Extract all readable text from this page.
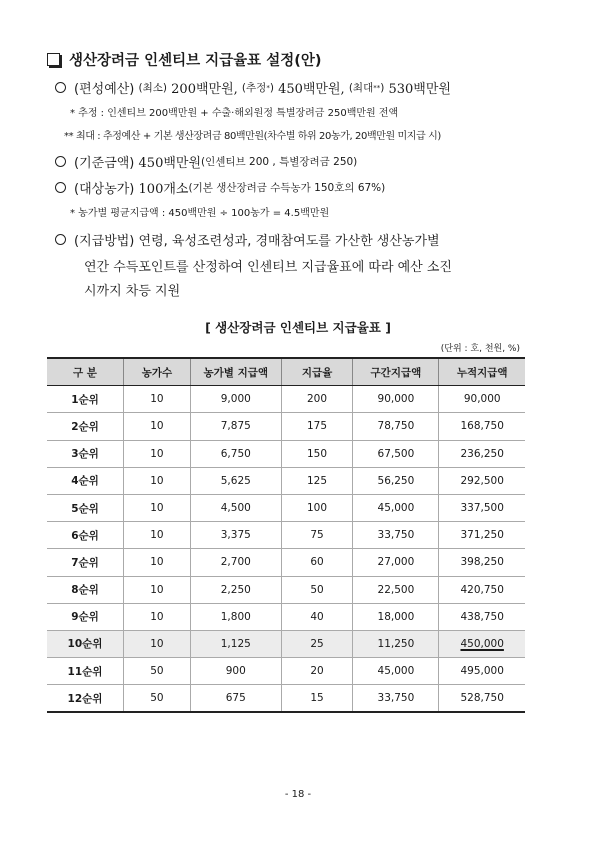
생산장려금 인센티브 지급율표 설정(안)
(편성예산)
(최소)
200백만원,
(추정 * )
450백만원,
(최대 ** )
530백만원
* 추정 : 인센티브 200백만원 + 수출·해외원정 특별장려금 250백만원 전액
** 최대 : 추정예산 + 기본 생산장려금 80백만원(차수별 하위 20농가, 20백만원 미지급 시)
(기준금액)
450백만원 (인센티브 200 , 특별장려금 250)
(대상농가)
100개소 (기본 생산장려금 수득농가 150호의 67%)
* 농가별 평균지급액 : 450백만원 ÷ 100농가 = 4.5백만원
(지급방법) 연령, 육성조련성과, 경매참여도를 가산한 생산농가별
연간 수득포인트를 산정하여 인센티브 지급율표에 따라 예산 소진
시까지 차등 지원
[ 생산장려금 인센티브 지급율표 ]
(단위 : 호, 천원, %)
구 분	농가수	농가별 지급액	지급율	구간지급액	누적지급액
1순위	10	9,000	200	90,000	90,000
2순위	10	7,875	175	78,750	168,750
3순위	10	6,750	150	67,500	236,250
4순위	10	5,625	125	56,250	292,500
5순위	10	4,500	100	45,000	337,500
6순위	10	3,375	75	33,750	371,250
7순위	10	2,700	60	27,000	398,250
8순위	10	2,250	50	22,500	420,750
9순위	10	1,800	40	18,000	438,750
10순위	10	1,125	25	11,250	450,000
11순위	50	900	20	45,000	495,000
12순위	50	675	15	33,750	528,750
- 18 -
